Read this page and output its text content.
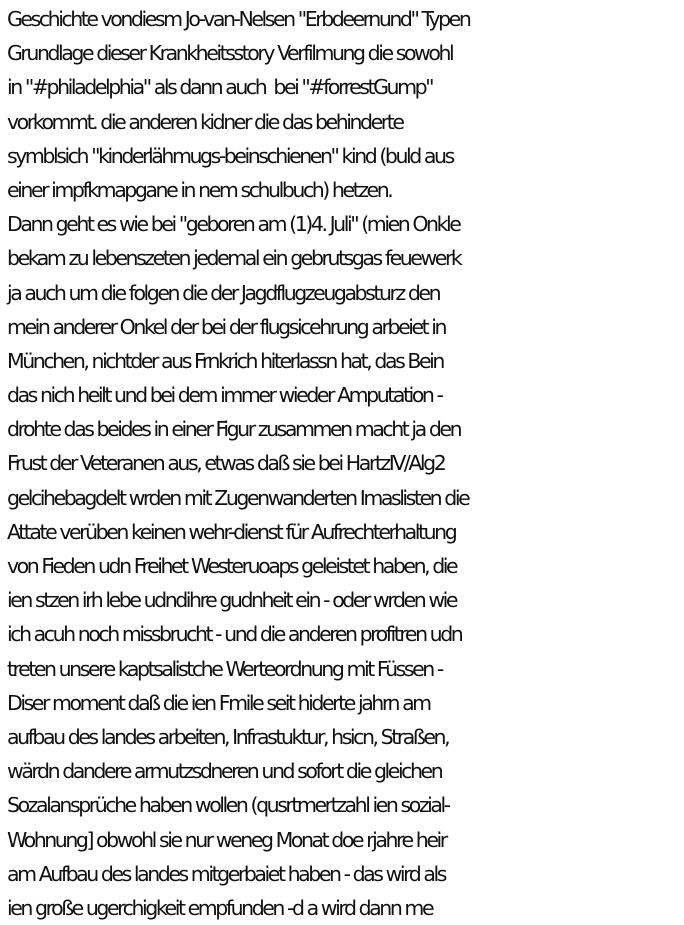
Geschichte vondiesm Jo-van-Nelsen "Erbdeernund" Typen
Grundlage dieser Krankheitsstory Verfilmung die sowohl
in "#philadelphia" als dann auch  bei "#forrestGump"
vorkommt. die anderen kidner die das behinderte
symblsich "kinderlähmugs-beinschienen" kind (buld aus
einer impfkmapgane in nem schulbuch) hetzen.
Dann geht es wie bei "geboren am (1)4. Juli" (mien Onkle
bekam zu lebenszeten jedemal ein gebrutsgas feuewerk
ja auch um die folgen die der Jagdflugzeugabsturz den
mein anderer Onkel der bei der flugsicehrung arbeiet in
München, nichtder aus Frnkrich hiterlassn hat, das Bein
das nich heilt und bei dem immer wieder Amputation -
drohte das beides in einer Figur zusammen macht ja den
Frust der Veteranen aus, etwas daß sie bei HartzIV/Alg2
gelcihebagdelt wrden mit Zugenwanderten Imaslisten die
Attate verüben keinen wehr-dienst für Aufrechterhaltung
von Fieden udn Freihet Westeruoaps geleistet haben, die
ien stzen irh lebe udndihre gudnheit ein - oder wrden wie
ich acuh noch missbrucht - und die anderen profitren udn
treten unsere kaptsalistche Werteordnung mit Füssen -
Diser moment daß die ien Fmile seit hiderte jahrn am
aufbau des landes arbeiten, Infrastuktur, hsicn, Straßen,
wärdn dandere armutzsdneren und sofort die gleichen
Sozalansprüche haben wollen (qusrtmertzahl ien sozial-
Wohnung] obwohl sie nur weneg Monat doe rjahre heir
am Aufbau des landes mitgerbaiet haben - das wird als
ien große ugerchigkeit empfunden -d a wird dann me
